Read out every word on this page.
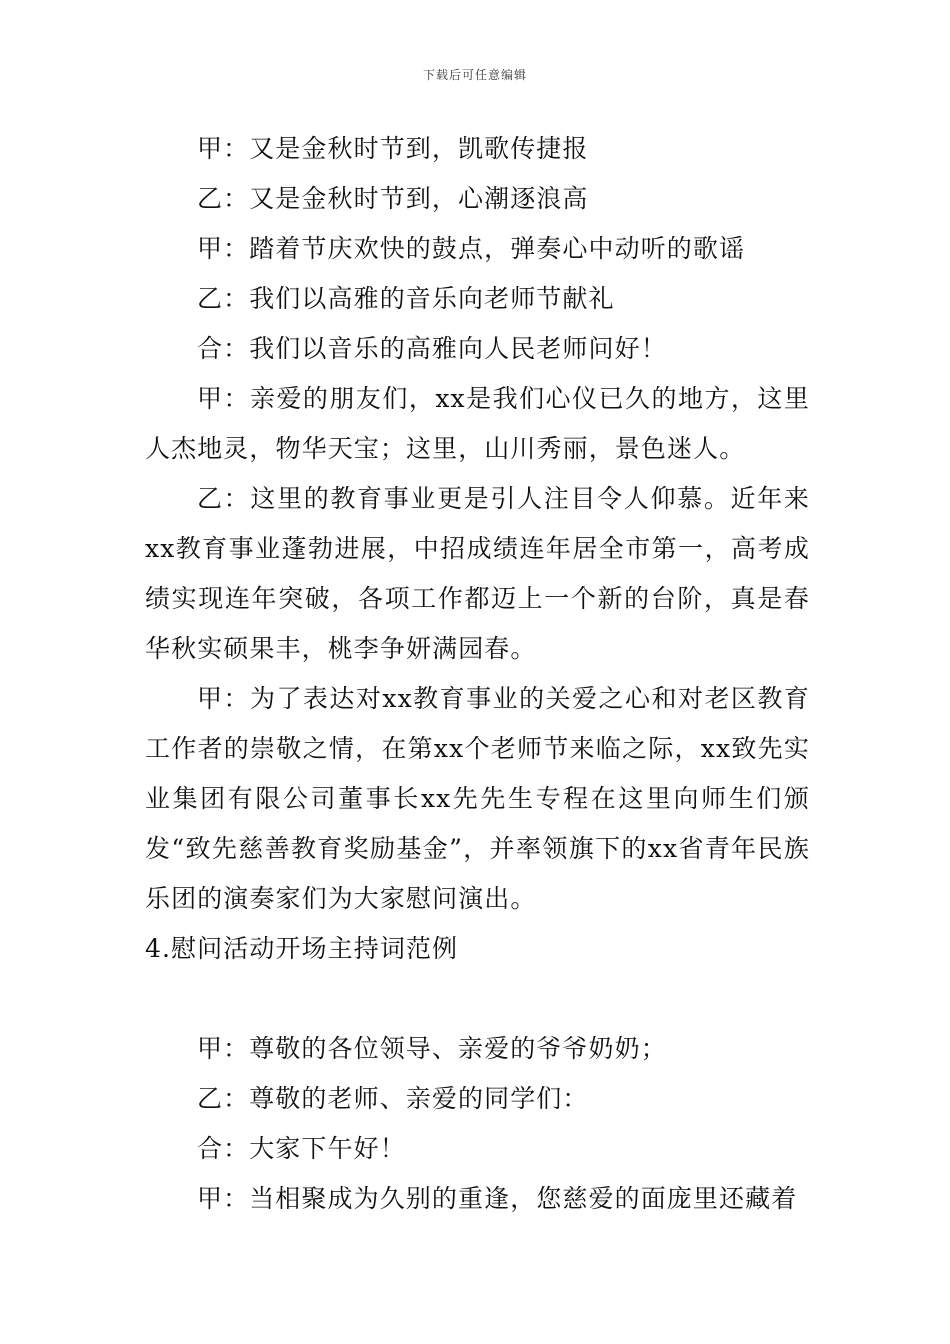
下载后可任意编辑

甲：又是金秋时节到，凯歌传捷报

乙：又是金秋时节到，心潮逐浪高

甲：踏着节庆欢快的鼓点，弹奏心中动听的歌谣

乙：我们以高雅的音乐向老师节献礼

合：我们以音乐的高雅向人民老师问好！

甲：亲爱的朋友们，xx是我们心仪已久的地方，这里人杰地灵，物华天宝；这里，山川秀丽，景色迷人。

乙：这里的教育事业更是引人注目令人仰慕。近年来xx教育事业蓬勃进展，中招成绩连年居全市第一，高考成绩实现连年突破，各项工作都迈上一个新的台阶，真是春华秋实硕果丰，桃李争妍满园春。

甲：为了表达对xx教育事业的关爱之心和对老区教育工作者的崇敬之情，在第xx个老师节来临之际，xx致先实业集团有限公司董事长xx先先生专程在这里向师生们颁发“致先慈善教育奖励基金”，并率领旗下的xx省青年民族乐团的演奏家们为大家慰问演出。

4.慰问活动开场主持词范例

甲：尊敬的各位领导、亲爱的爷爷奶奶；

乙：尊敬的老师、亲爱的同学们：

合：大家下午好！

甲：当相聚成为久别的重逢，您慈爱的面庞里还藏着
